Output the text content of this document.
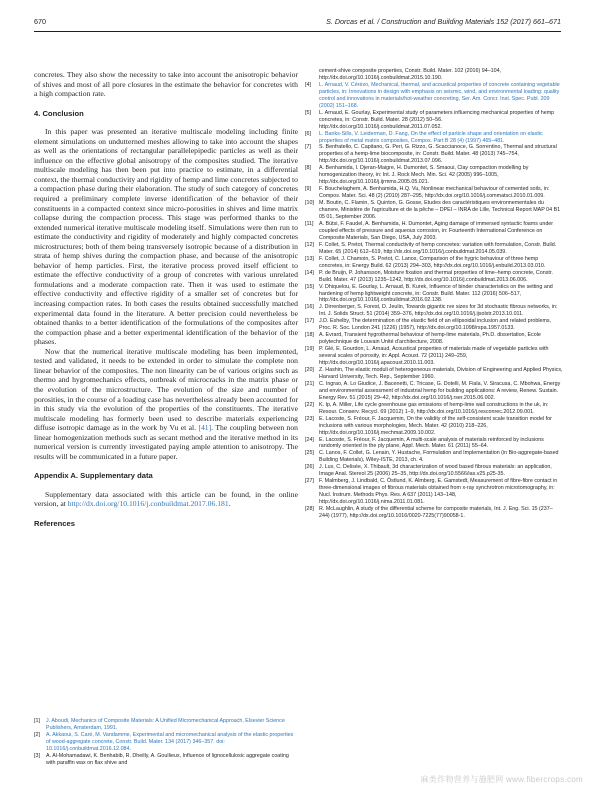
670	S. Dorcas et al. / Construction and Building Materials 152 (2017) 661–671

concretes. They also show the necessity to take into account the anisotropic behavior of shives and most of all pore closures in the estimate the behavior for concretes with a high compaction rate.

4. Conclusion

In this paper was presented an iterative multiscale modeling including finite element simulations on undutterned meshes allowing to take into account the shapes as well as the orientations of rectangular parallelepipedic particles as well as their influence on the effective global anisotropy of the composites studied. The iterative multiscale modeling has then been put into practice to estimate, in a differential context, the thermal conductivity and rigidity of hemp and lime concretes subjected to a compaction phase during their elaboration. The study of such category of concretes required a preliminary complete inverse identification of the behavior of their constituents in a compacted context since micro-porosities in shives and lime matrix collapse during the compaction process. This stage was performed thanks to the extended numerical iterative multiscale modeling itself. Simulations were then run to estimate the conductivity and rigidity of moderately and highly compacted concretes microstructures; both of them being transversely isotropic because of a distribution in strata of hemp shives during the compaction phase, and because of the anisotropic behavior of hemp particles. First, the iterative process proved itself efficient to estimate the effective conductivity of a group of concretes with various unrelated formulations and a moderate compaction rate. Then it was used to estimate the effective conductivity and effective rigidity of a smaller set of concretes but for increasing compaction rates. In both cases the results obtained successfully matched experimental data found in the literature. A better precision could nevertheless be obtained thanks to a better identification of the formulations of the composites after the compaction phase and a better experimental identification of the behavior of the phases.

Now that the numerical iterative multiscale modeling has been implemented, tested and validated, it needs to be extended in order to simulate the complete non linear behavior of the composites. The non linearity can be of various origins such as thermo and hygromechanics effects, outbreak of microcracks in the matrix phase or the evolution of the microstructure. The evolution of the size and number of porosities, in the course of a loading case has nevertheless already been accounted for in this study via the evolution of the properties of the constituents. The iterative multiscale modeling has formerly been used to describe materials experiencing diffuse isotropic damage as in the work by Vu et al. [41]. The coupling between non linear homogenization methods such as secant method and the iterative method in its numerical version is currently investigated paying ample attention to anisotropy. The results will be communicated in a future paper.

Appendix A. Supplementary data

Supplementary data associated with this article can be found, in the online version, at http://dx.doi.org/10.1016/j.conbuildmat.2017.06.181.

References
[1]	J. Aboudi, Mechanics of Composite Materials: A Unified Micromechanical Approach, Elsevier Science Publishers, Amsterdam, 1991.
[2]	A. Akkaoui, S. Caré, M. Vandamme, Experimental and micromechanical analysis of the elastic properties of wood-aggregate concrete, Constr. Build. Mater. 134 (2017) 346–357. doi: 10.1016/j.conbuildmat.2016.12.084.
[3]	A. Al-Mohamadawi, K. Benhabib, R. Dheilly, A. Goullieux, Influence of lignocellulosic aggregate coating with paraffin wax on flax shive and
cement-shive composite properties, Constr. Build. Mater. 102 (2016) 94–104, http://dx.doi.org/10.1016/j.conbuildmat.2015.10.190.
[4]	L. Arnaud, V. Cérézo, Mechanical, thermal, and acoustical properties of concrete containing vegetable particles, in: Innovations in design with emphasis on seismic, wind, and environmental loading: quality control and innovations in materials/hot-weather concreting, Ser. Am. Concr. Inst. Spec. Publ. 209 (2002) 151–168.
[5]	L. Arnaud, E. Gourlay, Experimental study of parameters influencing mechanical properties of hemp concretes, in: Constr. Build. Mater. 28 (2012) 50–56. http://dx.doi.org/10.1016/j.conbuildmat.2011.07.052.
[6]	L. Banks-Sills, V. Leiderman, D. Fang, On the effect of particle shape and orientation on elastic properties of metal matrix composites, Compos. Part B 28 (4) (1997) 465–481.
[7]	S. Benfratello, C. Capitano, G. Peri, G. Rizzo, G. Scaccianoce, G. Sorrentino, Thermal and structural properties of a hemp-lime biocomposite, in: Constr. Build. Mater. 48 (2013) 745–754, http://dx.doi.org/10.1016/j.conbuildmat.2013.07.096.
[8]	A. Benhamida, I. Djeran-Maigre, H. Dumontet, S. Smaoui, Clay compaction modelling by homogenization theory, in: Int. J. Rock Mech. Min. Sci. 42 (2005) 996–1005, http://dx.doi.org/10.1016/j.ijrmms.2005.05.021.
[9]	F. Bouchelaghem, A. Benhamida, H.Q. Vu, Nonlinear mechanical behaviour of cemented soils, in: Compos. Mater. Sci. 48 (2) (2010) 287–295, http://dx.doi.org/10.1016/j.commatsci.2010.01.009.
[10] M. Boutin, C. Flamin, S. Quinton, G. Gosse, Etudes des caractéristiques environnementales du chanvre, Ministère de l'agriculture et de la pêche – DPEI – INRA de Lille, Technical Report MAP 04 B1 05 01, September 2006.
[11]	A. Bütsi, F. Faudel, A. Benhamida, H. Dumontet, Aging damage of immersed syntactic foams under coupled effects of pressure and aqueous corrosion, in: Fourteenth International Conference on Composite Materials, San Diego, USA, July 2003.
[12] F. Collet, S. Pretot, Thermal conductivity of hemp concretes: variation with formulation, Constr. Build. Mater. 65 (2014) 612–619, http://dx.doi.org/10.1016/j.conbuildmat.2014.05.039.
[13] F. Collet, J. Chamoin, S. Pretot, C. Lanos, Comparison of the hygric behaviour of three hemp concretes, in: Energy Build. 62 (2013) 294–303, http://dx.doi.org/10.1016/j.enbuild.2013.03.010.
[14] P. de Bruijn, P. Johansson, Moisture fixation and thermal properties of lime–hemp concrete, Constr. Build. Mater. 47 (2013) 1235–1242, http://dx.doi.org/10.1016/j.conbuildmat.2013.06.006.
[15] V. Dhiquelou, E. Gourlay, L. Arnaud, B. Kurek, Influence of binder characteristics on the setting and hardening of hemp lightweight concrete, in: Constr. Build. Mater. 112 (2016) 506–517, http://dx.doi.org/10.1016/j.conbuildmat.2016.02.138.
[16] J. Dirrenberger, S. Forest, D. Jeulin, Towards gigantic rve sizes for 3d stochastic fibrous networks, in: Int. J. Solids Struct. 51 (2014) 359–376, http://dx.doi.org/10.1016/j.ijsolstr.2013.10.011.
[17] J.D. Eshelby, The determination of the elastic field of an ellipsoidal inclusion and related problems, Proc. R. Soc. London 241 (1226) (1957), http://dx.doi.org/10.1098/rspa.1957.0133.
[18] A. Evrard, Transient hygrothermal behaviour of hemp-lime materials, Ph.D. dissertation, Ecole polytechnique de Louvain Unité d'architecture, 2008.
[19] P. Glé, E. Gourdon, L. Arnaud, Acoustical properties of materials made of vegetable particles with several scales of porosity, in: Appl. Acoust. 72 (2011) 249–259, http://dx.doi.org/10.1016/j.apacoust.2010.11.003.
[20] Z. Hashin, The elastic moduli of heterogeneous materials, Division of Engineering and Applied Physics, Harvard University, Tech. Rep., September 1960.
[21] C. Ingrao, A. Lo Giudice, J. Bacenetti, C. Tricase, G. Dotelli, M. Fiala, V. Siracusa, C. Mbohwa, Energy and environmental assessment of industrial hemp for building applications: A review, Renew. Sustain. Energy Rev. 51 (2015) 29–42, http://dx.doi.org/10.1016/j.rser.2015.06.002.
[22] K. Ip, A. Miller, Life cycle greenhouse gas emissions of hemp-lime wall constructions in the uk, in: Resour. Conserv. Recycl. 69 (2012) 1–9, http://dx.doi.org/10.1016/j.resconrec.2012.09.001.
[23] E. Lacoste, S. Fréour, F. Jacquemin, On the validity of the self-consistent scale transition model for inclusions with various morphologies, Mech. Mater. 42 (2010) 218–226, http://dx.doi.org/10.1016/j.mechmat.2009.10.002.
[24] E. Lacoste, S. Fréour, F. Jacquemin, A multi-scale analysis of materials reinforced by inclusions randomly oriented in the ply plane, Appl. Mech. Mater. 61 (2011) 55–64.
[25] C. Lanos, F. Collet, G. Lenain, Y. Hustache, Formulation and Implementation (in Bio-aggregate-based Building Materials), Wiley-ISTE, 2013, ch. 4.
[26] J. Lux, C. Delisée, X. Thibault, 3d characterization of wood based fibrous materials: an application, Image Anal. Stereol 25 (2006) 25–35, http://dx.doi.org/10.5566/ias.v25.p25-35.
[27] F. Malmberg, J. Lindbald, C. Östlund, K. Almberg, E. Gamstedt, Measurement of fibre-fibre contact in three-dimensional images of fibrous materials obtained from x-ray synchrotron microtomography, in: Nucl. Instrum. Methods Phys. Res. A 637 (2011) 143–148, http://dx.doi.org/10.1016/j.nima.2011.01.081.
[28] R. McLaughlin, A study of the differential scheme for composite materials, Int. J. Eng. Sci. 15 (237–244) (1977), http://dx.doi.org/10.1016/0020-7225(77)90058-1.
麻类作物营养与施肥网 www.fibercrops.com
